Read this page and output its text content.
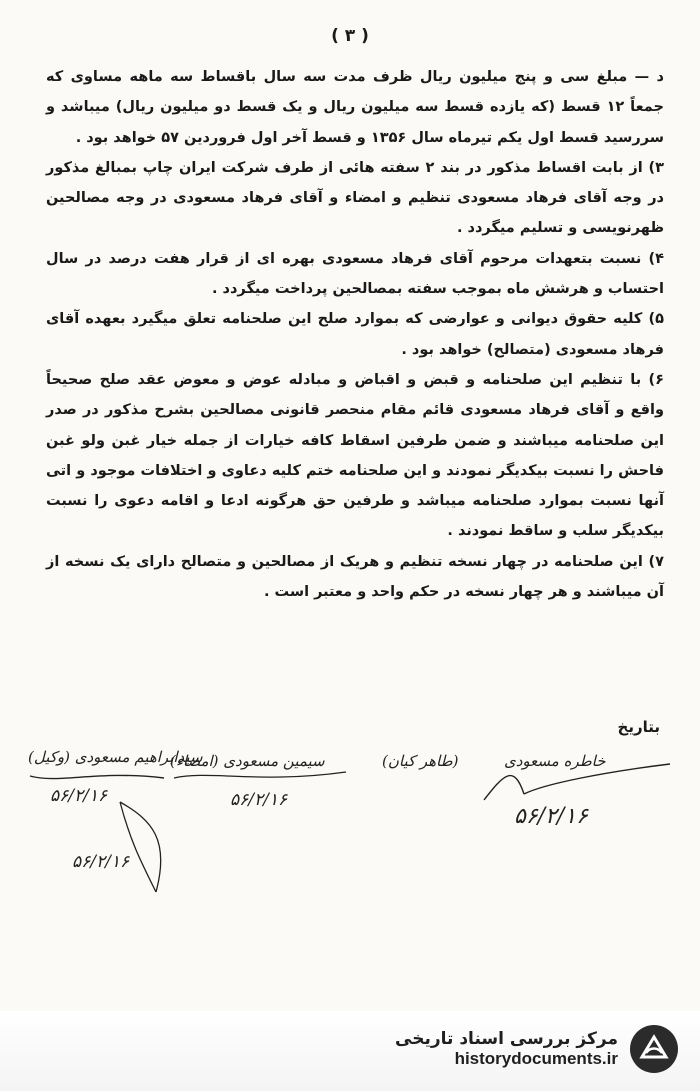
( ۳ )

د — مبلغ سی و پنج میلیون ریال ظرف مدت سه سال باقساط سه ماهه مساوی که جمعاً ۱۲ قسط (که یازده قسط سه میلیون ریال و یک قسط دو میلیون ریال) میباشد و سررسید قسط اول یکم تیرماه سال ۱۳۵۶ و قسط آخر اول فروردین ۵۷ خواهد بود .

۳) از بابت اقساط مذکور در بند ۲ سفته هائی از طرف شرکت ایران چاپ بمبالغ مذکور در وجه آقای فرهاد مسعودی تنظیم و امضاء و آقای فرهاد مسعودی در وجه مصالحین ظهرنویسی و تسلیم میگردد .

۴) نسبت بتعهدات مرحوم آقای فرهاد مسعودی بهره ای از قرار هفت درصد در سال احتساب و هرشش ماه بموجب سفته بمصالحین پرداخت میگردد .

۵) کلیه حقوق دیوانی و عوارضی که بموارد صلح این صلحنامه تعلق میگیرد بعهده آقای فرهاد مسعودی (متصالح) خواهد بود .

۶) با تنظیم این صلحنامه و قبض و اقباض و مبادله عوض و معوض عقد صلح صحیحاً واقع و آقای فرهاد مسعودی قائم مقام منحصر قانونی مصالحین بشرح مذکور در صدر این صلحنامه میباشند و ضمن طرفین اسقاط کافه خیارات از جمله خیار غبن ولو غبن فاحش را نسبت بیکدیگر نمودند و این صلحنامه ختم کلیه دعاوی و اختلافات موجود و اتی آنها نسبت بموارد صلحنامه میباشد و طرفین حق هرگونه ادعا و اقامه دعوی را نسبت بیکدیگر سلب و ساقط نمودند .

۷) این صلحنامه در چهار نسخه تنظیم و هریک از مصالحین و متصالح دارای یک نسخه از آن میباشند و هر چهار نسخه در حکم واحد و معتبر است .

بتاریخ
سیدابراهیم مسعودی (وکیل)
۵۶/۲/۱۶
سیمین مسعودی (امضاء)
۵۶/۲/۱۶
(طاهر کیان)	خاطره مسعودی
۵۶/۲/۱۶
۵۶/۲/۱۶
مرکز بررسی اسناد تاریخی
historydocuments.ir
